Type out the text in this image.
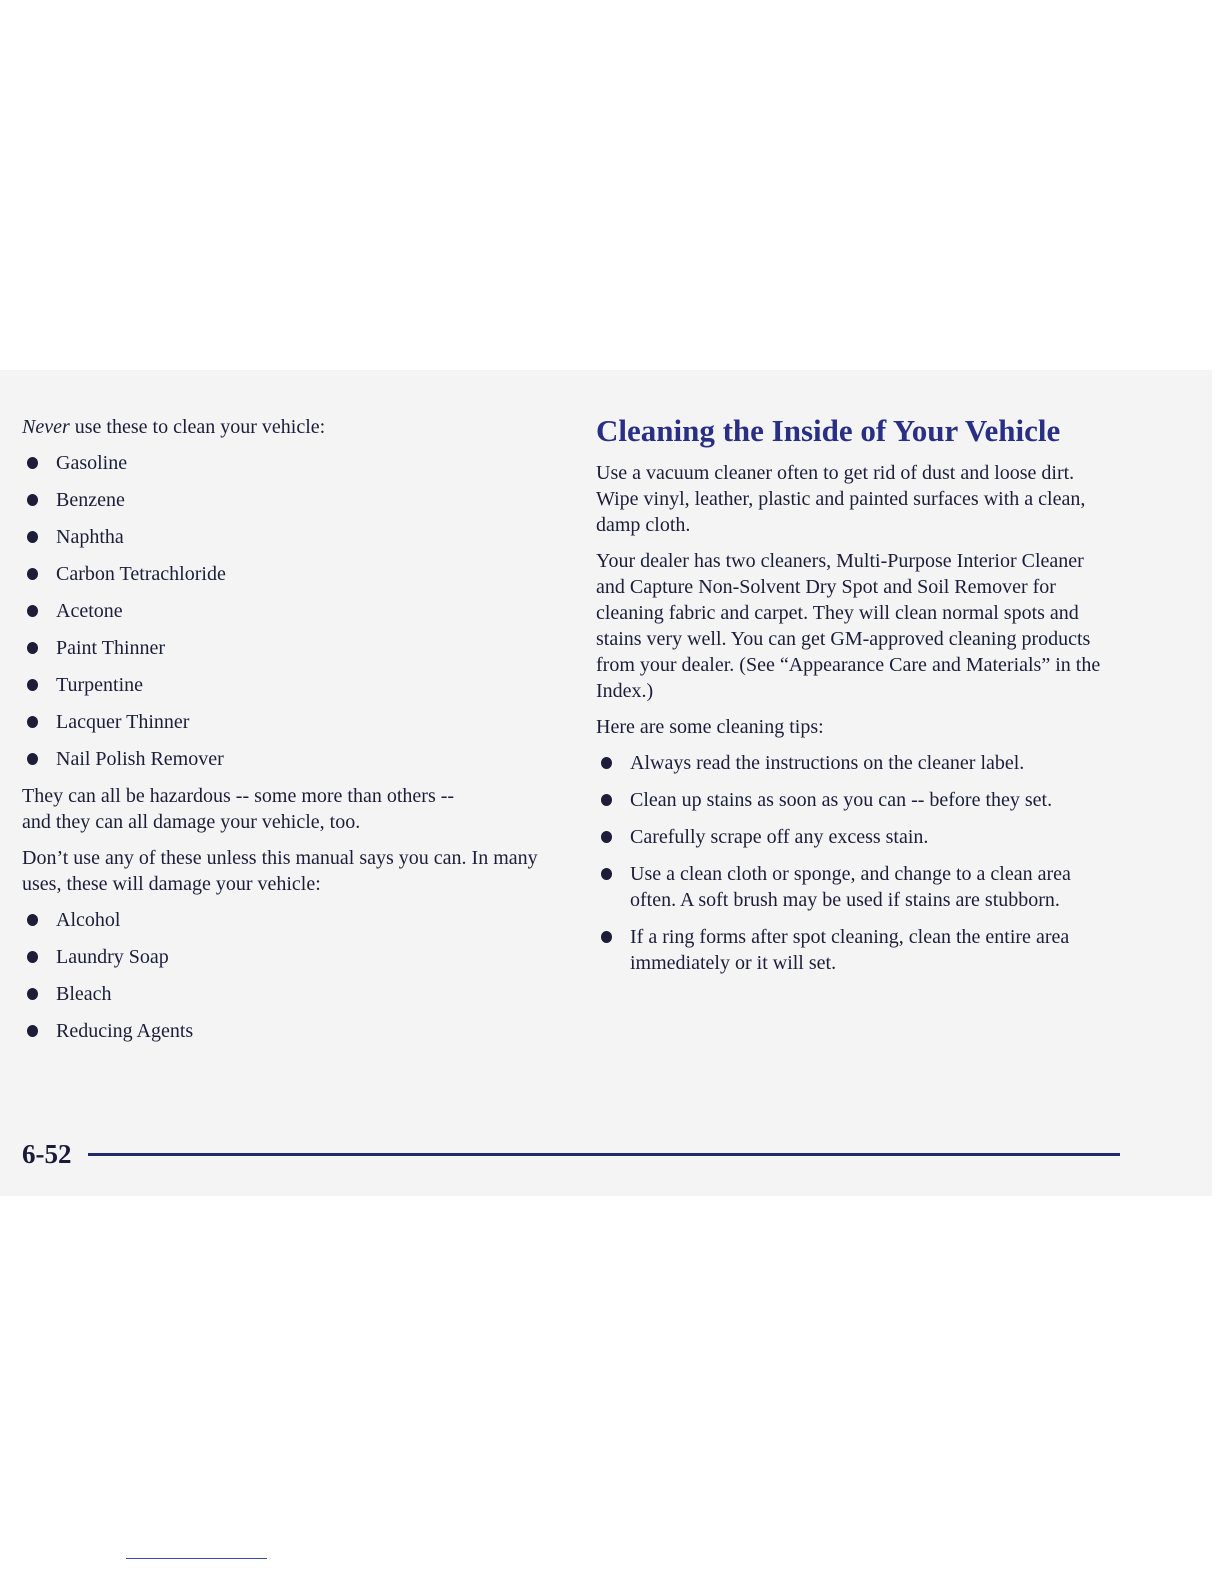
Never use these to clean your vehicle:

Gasoline
Benzene
Naphtha
Carbon Tetrachloride
Acetone
Paint Thinner
Turpentine
Lacquer Thinner
Nail Polish Remover

They can all be hazardous -- some more than others -- and they can all damage your vehicle, too.

Don’t use any of these unless this manual says you can. In many uses, these will damage your vehicle:

Alcohol
Laundry Soap
Bleach
Reducing Agents
Cleaning the Inside of Your Vehicle

Use a vacuum cleaner often to get rid of dust and loose dirt. Wipe vinyl, leather, plastic and painted surfaces with a clean, damp cloth.

Your dealer has two cleaners, Multi-Purpose Interior Cleaner and Capture Non-Solvent Dry Spot and Soil Remover for cleaning fabric and carpet. They will clean normal spots and stains very well. You can get GM-approved cleaning products from your dealer. (See “Appearance Care and Materials” in the Index.)

Here are some cleaning tips:

Always read the instructions on the cleaner label.
Clean up stains as soon as you can -- before they set.
Carefully scrape off any excess stain.
Use a clean cloth or sponge, and change to a clean area often. A soft brush may be used if stains are stubborn.
If a ring forms after spot cleaning, clean the entire area immediately or it will set.
6-52
